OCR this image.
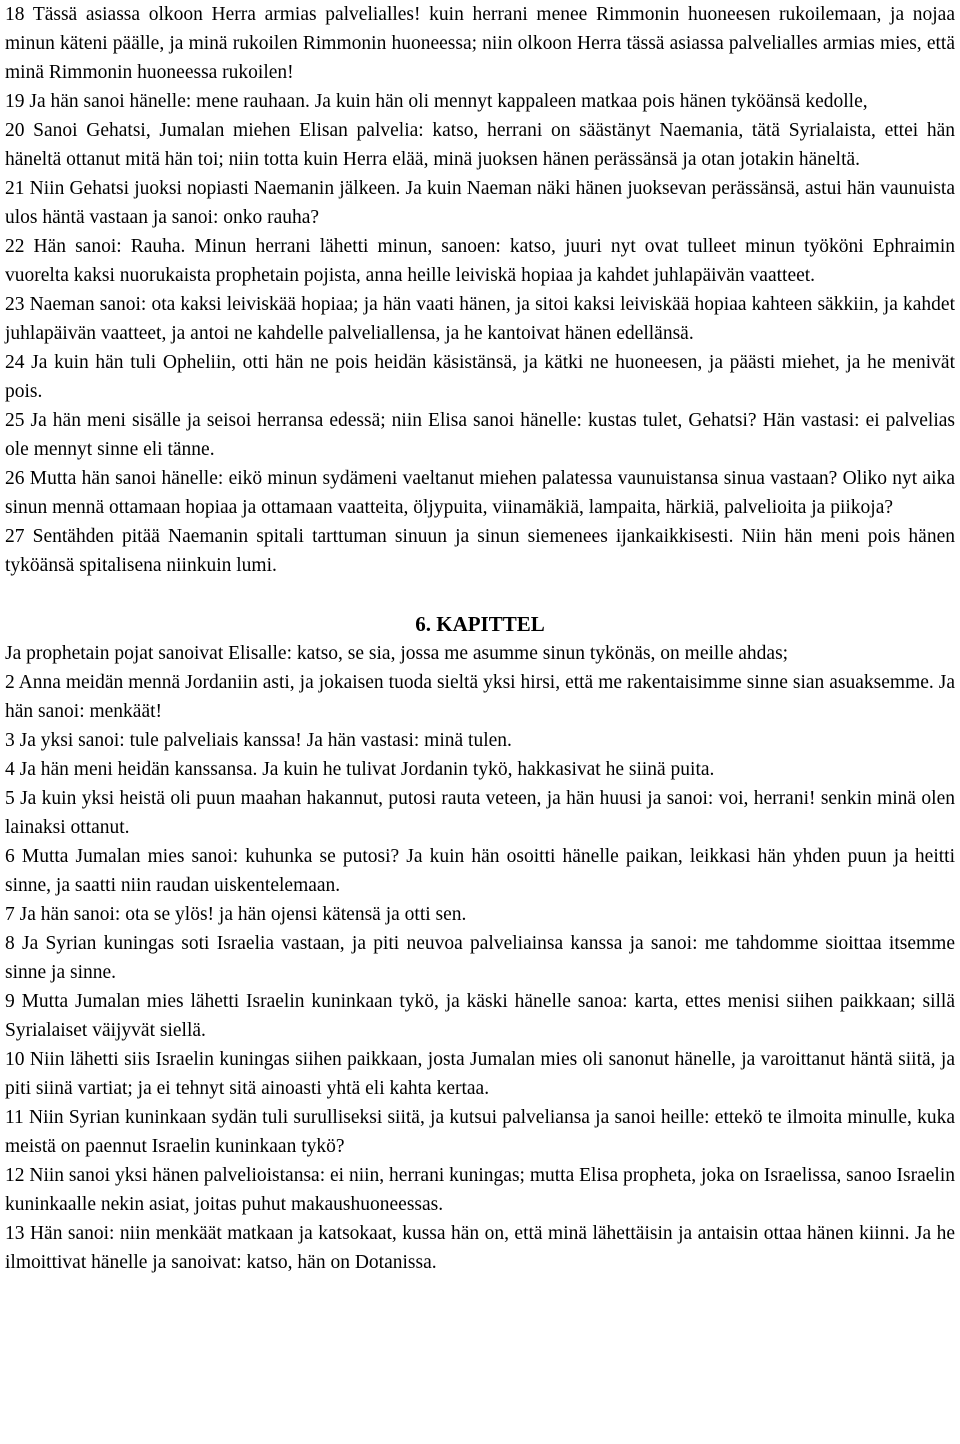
18 Tässä asiassa olkoon Herra armias palvelialles! kuin herrani menee Rimmonin huoneesen rukoilemaan, ja nojaa minun käteni päälle, ja minä rukoilen Rimmonin huoneessa; niin olkoon Herra tässä asiassa palvelialles armias mies, että minä Rimmonin huoneessa rukoilen!

19 Ja hän sanoi hänelle: mene rauhaan. Ja kuin hän oli mennyt kappaleen matkaa pois hänen tyköänsä kedolle,

20 Sanoi Gehatsi, Jumalan miehen Elisan palvelia: katso, herrani on säästänyt Naemania, tätä Syrialaista, ettei hän häneltä ottanut mitä hän toi; niin totta kuin Herra elää, minä juoksen hänen perässänsä ja otan jotakin häneltä.

21 Niin Gehatsi juoksi nopiasti Naemanin jälkeen. Ja kuin Naeman näki hänen juoksevan perässänsä, astui hän vaunuista ulos häntä vastaan ja sanoi: onko rauha?

22 Hän sanoi: Rauha. Minun herrani lähetti minun, sanoen: katso, juuri nyt ovat tulleet minun työköni Ephraimin vuorelta kaksi nuorukaista prophetain pojista, anna heille leiviskä hopiaa ja kahdet juhlapäivän vaatteet.

23 Naeman sanoi: ota kaksi leiviskää hopiaa; ja hän vaati hänen, ja sitoi kaksi leiviskää hopiaa kahteen säkkiin, ja kahdet juhlapäivän vaatteet, ja antoi ne kahdelle palveliallensa, ja he kantoivat hänen edellänsä.

24 Ja kuin hän tuli Opheliin, otti hän ne pois heidän käsistänsä, ja kätki ne huoneesen, ja päästi miehet, ja he menivät pois.

25 Ja hän meni sisälle ja seisoi herransa edessä; niin Elisa sanoi hänelle: kustas tulet, Gehatsi? Hän vastasi: ei palvelias ole mennyt sinne eli tänne.

26 Mutta hän sanoi hänelle: eikö minun sydämeni vaeltanut miehen palatessa vaunuistansa sinua vastaan? Oliko nyt aika sinun mennä ottamaan hopiaa ja ottamaan vaatteita, öljypuita, viinamäkiä, lampaita, härkiä, palvelioita ja piikoja?

27 Sentähden pitää Naemanin spitali tarttuman sinuun ja sinun siemenees ijankaikkisesti. Niin hän meni pois hänen tyköänsä spitalisena niinkuin lumi.

6. KAPITTEL

Ja prophetain pojat sanoivat Elisalle: katso, se sia, jossa me asumme sinun tykönäs, on meille ahdas;

2 Anna meidän mennä Jordaniin asti, ja jokaisen tuoda sieltä yksi hirsi, että me rakentaisimme sinne sian asuaksemme. Ja hän sanoi: menkäät!

3 Ja yksi sanoi: tule palveliais kanssa! Ja hän vastasi: minä tulen.

4 Ja hän meni heidän kanssansa. Ja kuin he tulivat Jordanin tykö, hakkasivat he siinä puita.

5 Ja kuin yksi heistä oli puun maahan hakannut, putosi rauta veteen, ja hän huusi ja sanoi: voi, herrani! senkin minä olen lainaksi ottanut.

6 Mutta Jumalan mies sanoi: kuhunka se putosi? Ja kuin hän osoitti hänelle paikan, leikkasi hän yhden puun ja heitti sinne, ja saatti niin raudan uiskentelemaan.

7 Ja hän sanoi: ota se ylös! ja hän ojensi kätensä ja otti sen.

8 Ja Syrian kuningas soti Israelia vastaan, ja piti neuvoa palveliainsa kanssa ja sanoi: me tahdomme sioittaa itsemme sinne ja sinne.

9 Mutta Jumalan mies lähetti Israelin kuninkaan tykö, ja käski hänelle sanoa: karta, ettes menisi siihen paikkaan; sillä Syrialaiset väijyvät siellä.

10 Niin lähetti siis Israelin kuningas siihen paikkaan, josta Jumalan mies oli sanonut hänelle, ja varoittanut häntä siitä, ja piti siinä vartiat; ja ei tehnyt sitä ainoasti yhtä eli kahta kertaa.

11 Niin Syrian kuninkaan sydän tuli surulliseksi siitä, ja kutsui palveliansa ja sanoi heille: ettekö te ilmoita minulle, kuka meistä on paennut Israelin kuninkaan tykö?

12 Niin sanoi yksi hänen palvelioistansa: ei niin, herrani kuningas; mutta Elisa propheta, joka on Israelissa, sanoo Israelin kuninkaalle nekin asiat, joitas puhut makaushuoneessas.

13 Hän sanoi: niin menkäät matkaan ja katsokaat, kussa hän on, että minä lähettäisin ja antaisin ottaa hänen kiinni. Ja he ilmoittivat hänelle ja sanoivat: katso, hän on Dotanissa.
